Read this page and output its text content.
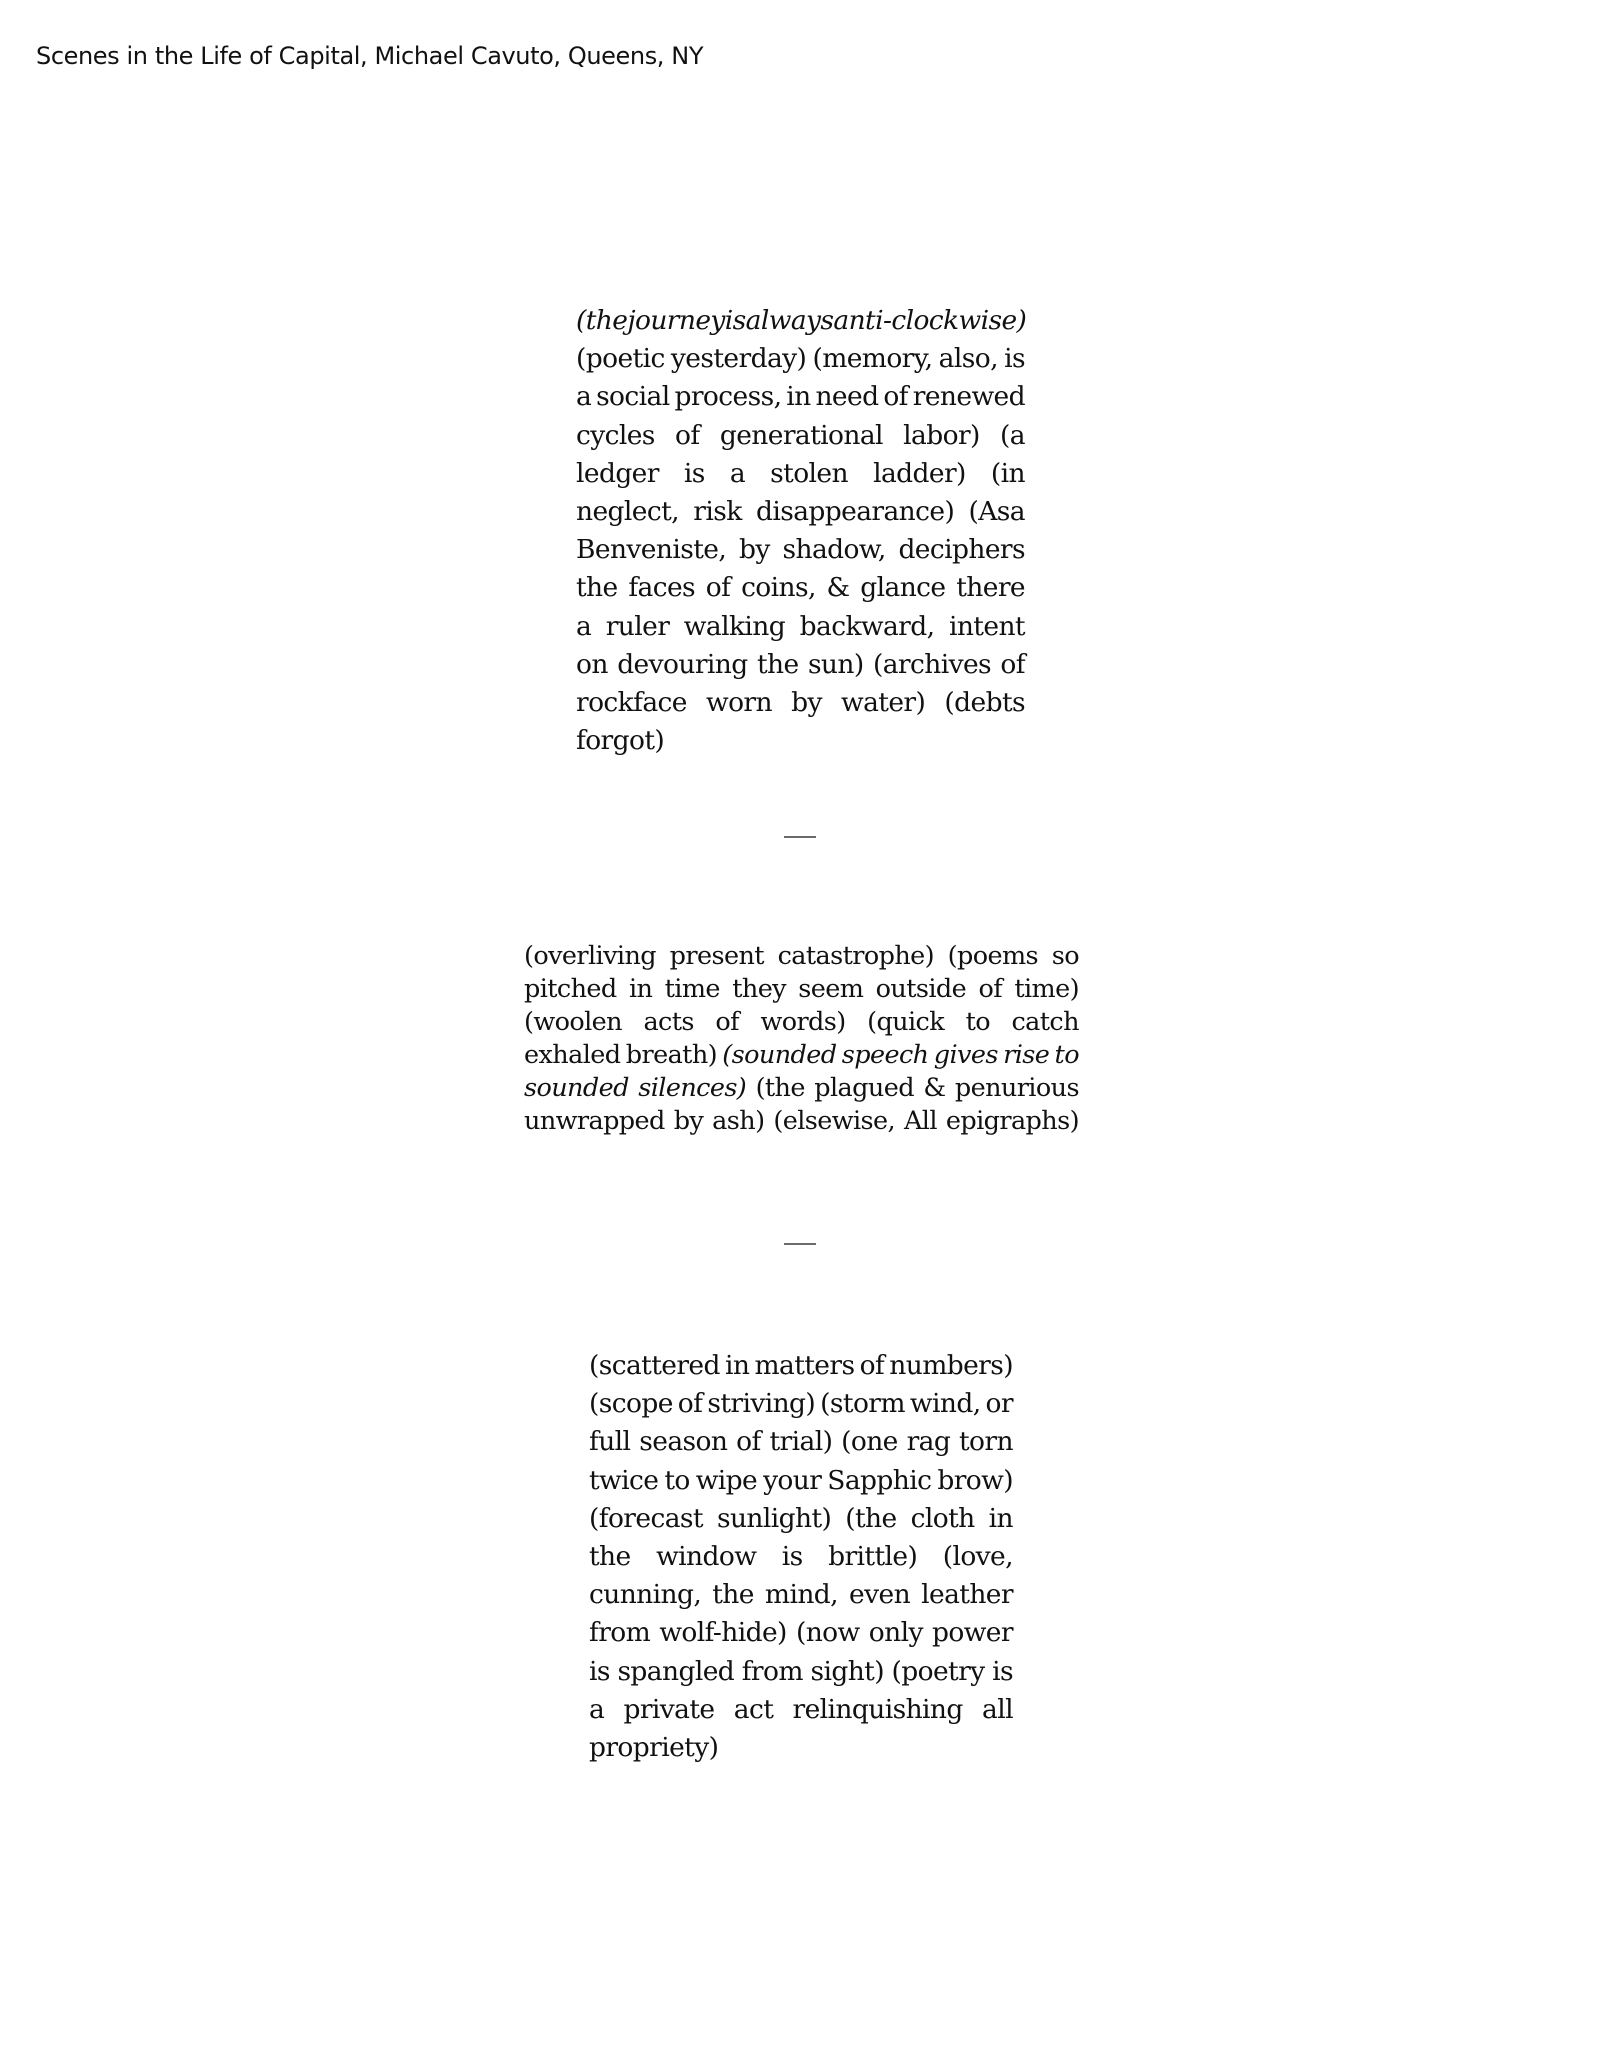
Scenes in the Life of Capital, Michael Cavuto, Queens, NY
(the journey is always anti-clockwise)
(poetic yesterday) (memory, also, is
a social process, in need of renewed
cycles of generational labor) (a
ledger is a stolen ladder) (in
neglect, risk disappearance) (Asa
Benveniste, by shadow, deciphers
the faces of coins, & glance there
a ruler walking backward, intent
on devouring the sun) (archives of
rockface worn by water) (debts
forgot)
(overliving present catastrophe) (poems so
pitched in time they seem outside of time)
(woolen acts of words) (quick to catch
exhaled breath) (sounded speech gives rise to
sounded silences) (the plagued & penurious
unwrapped by ash) (elsewise, All epigraphs)
(scattered in matters of numbers)
(scope of striving) (storm wind, or
full season of trial) (one rag torn
twice to wipe your Sapphic brow)
(forecast sunlight) (the cloth in
the window is brittle) (love,
cunning, the mind, even leather
from wolf-hide) (now only power
is spangled from sight) (poetry is
a private act relinquishing all
propriety)
